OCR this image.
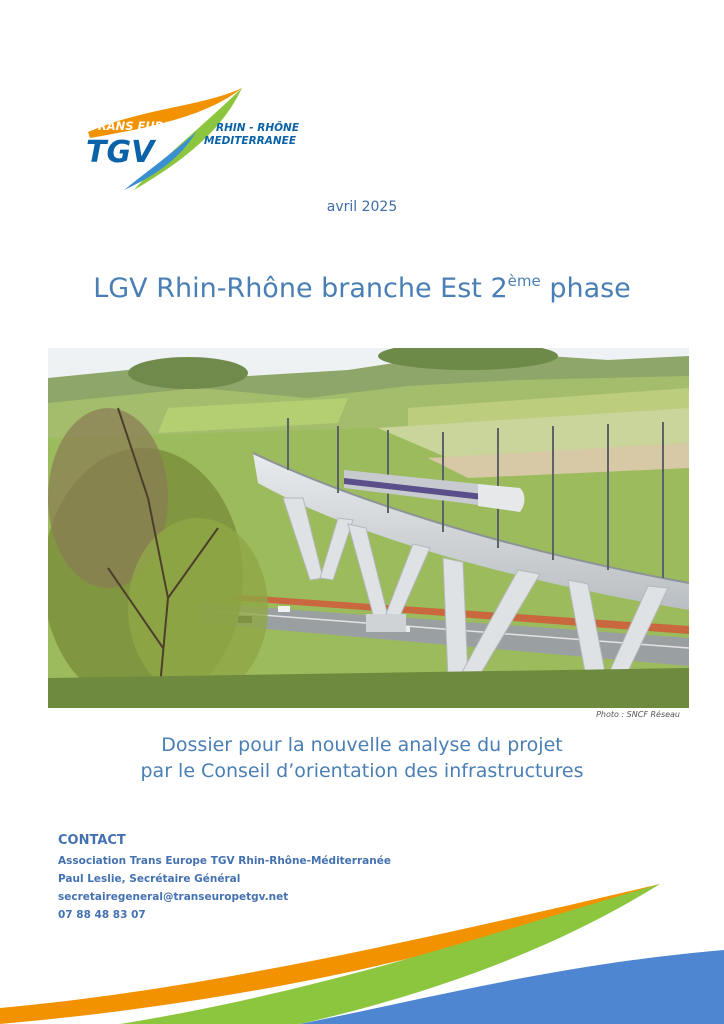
TRANS EUROPE
TGV
RHIN - RHÔNE
MEDITERRANEE
avril 2025
LGV Rhin-Rhône branche Est 2ème phase
Photo : SNCF Réseau
Dossier pour la nouvelle analyse du projet
par le Conseil d’orientation des infrastructures
CONTACT
Association Trans Europe TGV Rhin-Rhône-Méditerranée
Paul Leslie, Secrétaire Général
secretairegeneral@transeuropetgv.net
07 88 48 83 07
